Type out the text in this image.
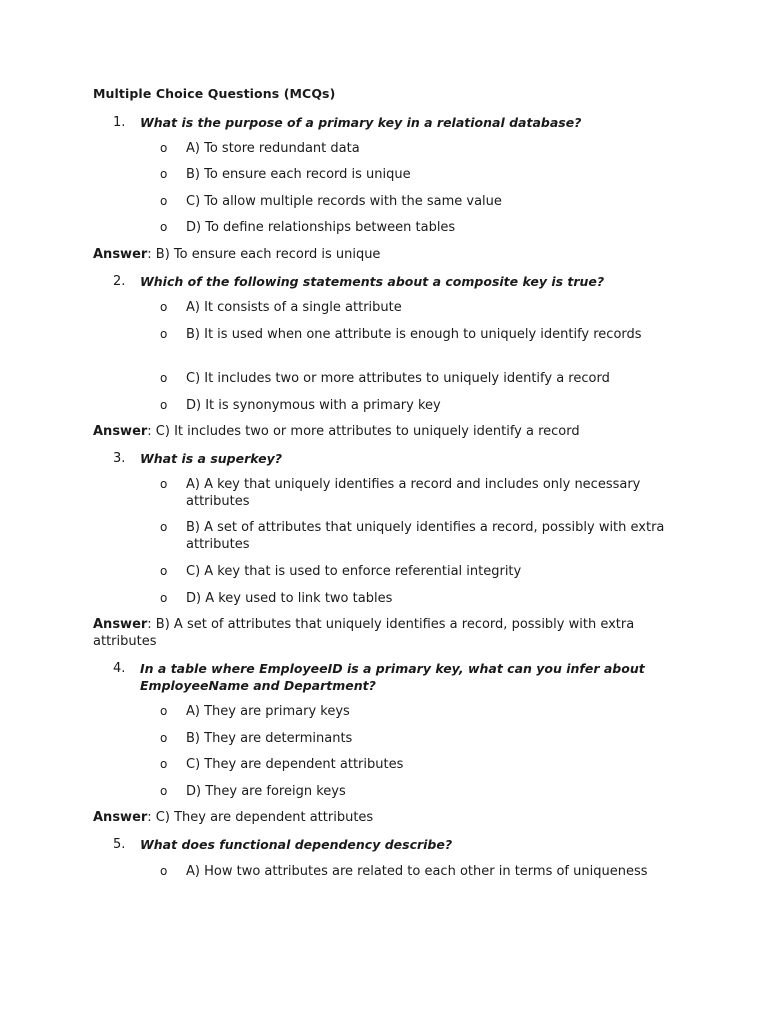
Multiple Choice Questions (MCQs)
1. What is the purpose of a primary key in a relational database?
o A) To store redundant data
o B) To ensure each record is unique
o C) To allow multiple records with the same value
o D) To define relationships between tables
Answer: B) To ensure each record is unique
2. Which of the following statements about a composite key is true?
o A) It consists of a single attribute
o B) It is used when one attribute is enough to uniquely identify records
o C) It includes two or more attributes to uniquely identify a record
o D) It is synonymous with a primary key
Answer: C) It includes two or more attributes to uniquely identify a record
3. What is a superkey?
o A) A key that uniquely identifies a record and includes only necessary attributes
o B) A set of attributes that uniquely identifies a record, possibly with extra attributes
o C) A key that is used to enforce referential integrity
o D) A key used to link two tables
Answer: B) A set of attributes that uniquely identifies a record, possibly with extra attributes
4. In a table where EmployeeID is a primary key, what can you infer about EmployeeName and Department?
o A) They are primary keys
o B) They are determinants
o C) They are dependent attributes
o D) They are foreign keys
Answer: C) They are dependent attributes
5. What does functional dependency describe?
o A) How two attributes are related to each other in terms of uniqueness
